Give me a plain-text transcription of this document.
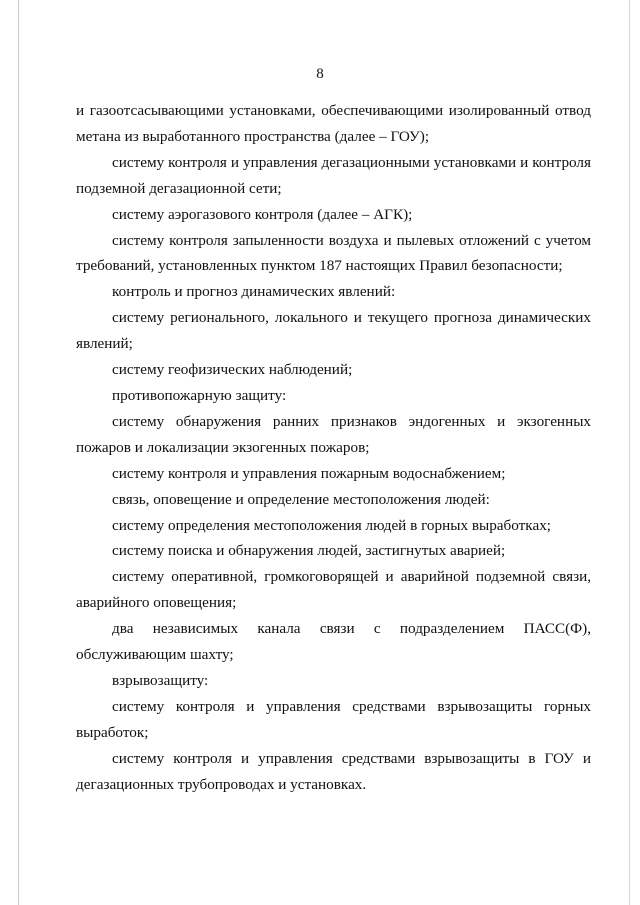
8

и газоотсасывающими установками, обеспечивающими изолированный отвод метана из выработанного пространства (далее – ГОУ);

систему контроля и управления дегазационными установками и контроля подземной дегазационной сети;

систему аэрогазового контроля (далее – АГК);

систему контроля запыленности воздуха и пылевых отложений с учетом требований, установленных пунктом 187 настоящих Правил безопасности;

контроль и прогноз динамических явлений:

систему регионального, локального и текущего прогноза динамических явлений;

систему геофизических наблюдений;

противопожарную защиту:

систему обнаружения ранних признаков эндогенных и экзогенных пожаров и локализации экзогенных пожаров;

систему контроля и управления пожарным водоснабжением;

связь, оповещение и определение местоположения людей:

систему определения местоположения людей в горных выработках;

систему поиска и обнаружения людей, застигнутых аварией;

систему оперативной, громкоговорящей и аварийной подземной связи, аварийного оповещения;

два независимых канала связи с подразделением ПАСС(Ф), обслуживающим шахту;

взрывозащиту:

систему контроля и управления средствами взрывозащиты горных выработок;

систему контроля и управления средствами взрывозащиты в ГОУ и дегазационных трубопроводах и установках.
